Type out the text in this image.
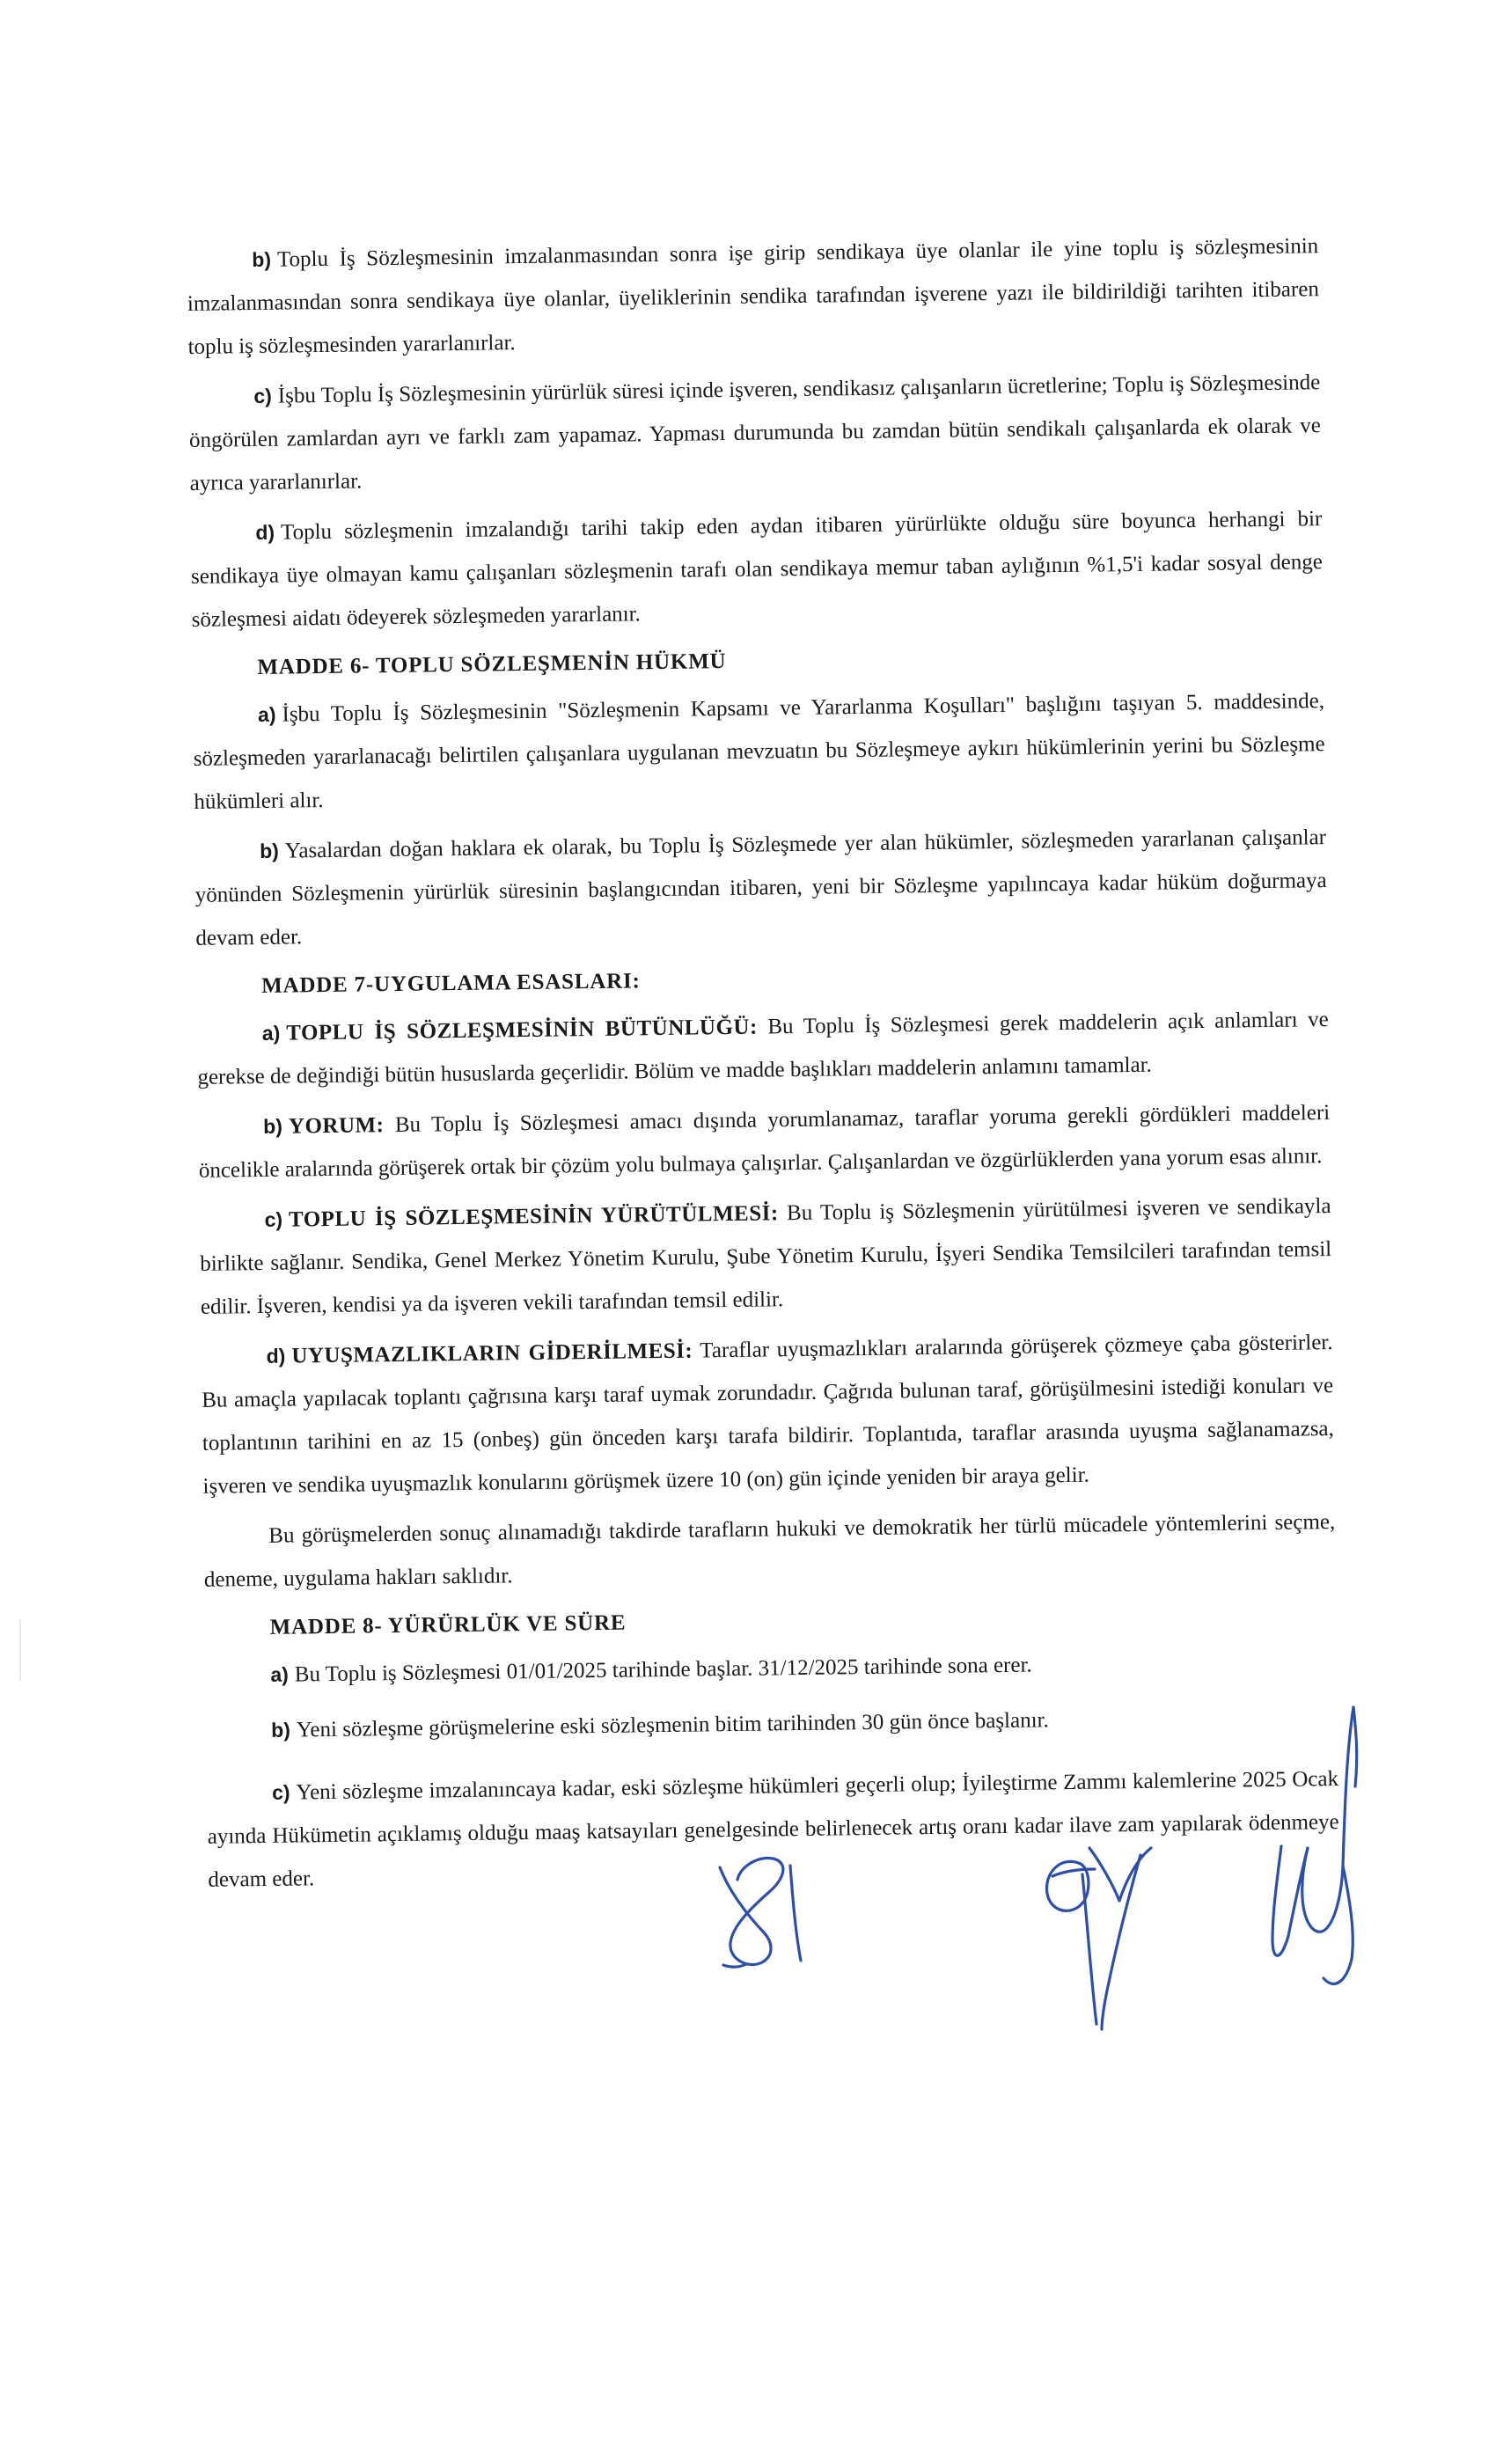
b) Toplu İş Sözleşmesinin imzalanmasından sonra işe girip sendikaya üye olanlar ile yine toplu iş sözleşmesinin imzalanmasından sonra sendikaya üye olanlar, üyeliklerinin sendika tarafından işverene yazı ile bildirildiği tarihten itibaren toplu iş sözleşmesinden yararlanırlar.

c) İşbu Toplu İş Sözleşmesinin yürürlük süresi içinde işveren, sendikasız çalışanların ücretlerine; Toplu iş Sözleşmesinde öngörülen zamlardan ayrı ve farklı zam yapamaz. Yapması durumunda bu zamdan bütün sendikalı çalışanlarda ek olarak ve ayrıca yararlanırlar.

d) Toplu sözleşmenin imzalandığı tarihi takip eden aydan itibaren yürürlükte olduğu süre boyunca herhangi bir sendikaya üye olmayan kamu çalışanları sözleşmenin tarafı olan sendikaya memur taban aylığının %1,5'i kadar sosyal denge sözleşmesi aidatı ödeyerek sözleşmeden yararlanır.

MADDE 6- TOPLU SÖZLEŞMENİN HÜKMÜ

a) İşbu Toplu İş Sözleşmesinin "Sözleşmenin Kapsamı ve Yararlanma Koşulları" başlığını taşıyan 5. maddesinde, sözleşmeden yararlanacağı belirtilen çalışanlara uygulanan mevzuatın bu Sözleşmeye aykırı hükümlerinin yerini bu Sözleşme hükümleri alır.

b) Yasalardan doğan haklara ek olarak, bu Toplu İş Sözleşmede yer alan hükümler, sözleşmeden yararlanan çalışanlar yönünden Sözleşmenin yürürlük süresinin başlangıcından itibaren, yeni bir Sözleşme yapılıncaya kadar hüküm doğurmaya devam eder.

MADDE 7-UYGULAMA ESASLARI:

a) TOPLU İŞ SÖZLEŞMESİNİN BÜTÜNLÜĞÜ: Bu Toplu İş Sözleşmesi gerek maddelerin açık anlamları ve gerekse de değindiği bütün hususlarda geçerlidir. Bölüm ve madde başlıkları maddelerin anlamını tamamlar.

b) YORUM: Bu Toplu İş Sözleşmesi amacı dışında yorumlanamaz, taraflar yoruma gerekli gördükleri maddeleri öncelikle aralarında görüşerek ortak bir çözüm yolu bulmaya çalışırlar. Çalışanlardan ve özgürlüklerden yana yorum esas alınır.

c) TOPLU İŞ SÖZLEŞMESİNİN YÜRÜTÜLMESİ: Bu Toplu iş Sözleşmenin yürütülmesi işveren ve sendikayla birlikte sağlanır. Sendika, Genel Merkez Yönetim Kurulu, Şube Yönetim Kurulu, İşyeri Sendika Temsilcileri tarafından temsil edilir. İşveren, kendisi ya da işveren vekili tarafından temsil edilir.

d) UYUŞMAZLIKLARIN GİDERİLMESİ: Taraflar uyuşmazlıkları aralarında görüşerek çözmeye çaba gösterirler. Bu amaçla yapılacak toplantı çağrısına karşı taraf uymak zorundadır. Çağrıda bulunan taraf, görüşülmesini istediği konuları ve toplantının tarihini en az 15 (onbeş) gün önceden karşı tarafa bildirir. Toplantıda, taraflar arasında uyuşma sağlanamazsa, işveren ve sendika uyuşmazlık konularını görüşmek üzere 10 (on) gün içinde yeniden bir araya gelir.

Bu görüşmelerden sonuç alınamadığı takdirde tarafların hukuki ve demokratik her türlü mücadele yöntemlerini seçme, deneme, uygulama hakları saklıdır.

MADDE 8- YÜRÜRLÜK VE SÜRE

a) Bu Toplu iş Sözleşmesi 01/01/2025 tarihinde başlar. 31/12/2025 tarihinde sona erer.

b) Yeni sözleşme görüşmelerine eski sözleşmenin bitim tarihinden 30 gün önce başlanır.

c) Yeni sözleşme imzalanıncaya kadar, eski sözleşme hükümleri geçerli olup; İyileştirme Zammı kalemlerine 2025 Ocak ayında Hükümetin açıklamış olduğu maaş katsayıları genelgesinde belirlenecek artış oranı kadar ilave zam yapılarak ödenmeye devam eder.
